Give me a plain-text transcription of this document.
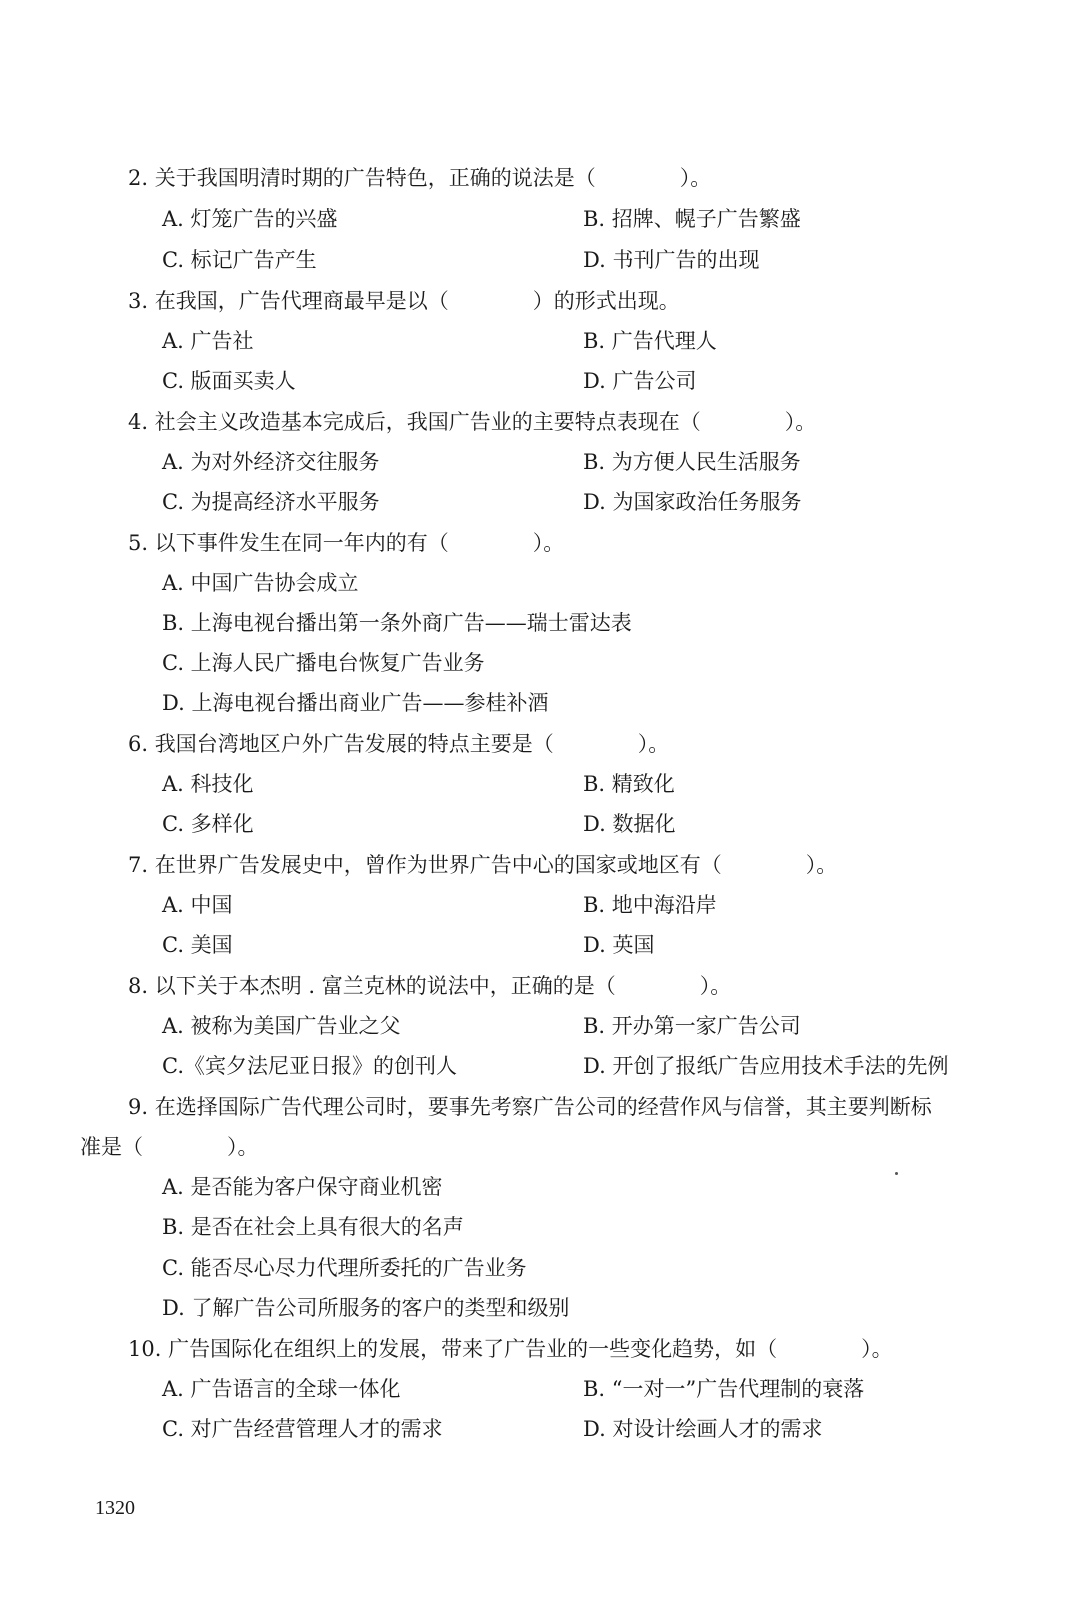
2. 关于我国明清时期的广告特色，正确的说法是（　　　　）。
A. 灯笼广告的兴盛	B. 招牌、幌子广告繁盛
C. 标记广告产生	D. 书刊广告的出现
3. 在我国，广告代理商最早是以（　　　　）的形式出现。
A. 广告社	B. 广告代理人
C. 版面买卖人	D. 广告公司
4. 社会主义改造基本完成后，我国广告业的主要特点表现在（　　　　）。
A. 为对外经济交往服务	B. 为方便人民生活服务
C. 为提高经济水平服务	D. 为国家政治任务服务
5. 以下事件发生在同一年内的有（　　　　）。
A. 中国广告协会成立
B. 上海电视台播出第一条外商广告——瑞士雷达表
C. 上海人民广播电台恢复广告业务
D. 上海电视台播出商业广告——参桂补酒
6. 我国台湾地区户外广告发展的特点主要是（　　　　）。
A. 科技化	B. 精致化
C. 多样化	D. 数据化
7. 在世界广告发展史中，曾作为世界广告中心的国家或地区有（　　　　）。
A. 中国	B. 地中海沿岸
C. 美国	D. 英国
8. 以下关于本杰明 . 富兰克林的说法中，正确的是（　　　　）。
A. 被称为美国广告业之父	B. 开办第一家广告公司
C.《宾夕法尼亚日报》的创刊人	D. 开创了报纸广告应用技术手法的先例
9. 在选择国际广告代理公司时，要事先考察广告公司的经营作风与信誉，其主要判断标
准是（　　　　）。
A. 是否能为客户保守商业机密
B. 是否在社会上具有很大的名声
C. 能否尽心尽力代理所委托的广告业务
D. 了解广告公司所服务的客户的类型和级别
10. 广告国际化在组织上的发展，带来了广告业的一些变化趋势，如（　　　　）。
A. 广告语言的全球一体化	B. “一对一”广告代理制的衰落
C. 对广告经营管理人才的需求	D. 对设计绘画人才的需求
1320
